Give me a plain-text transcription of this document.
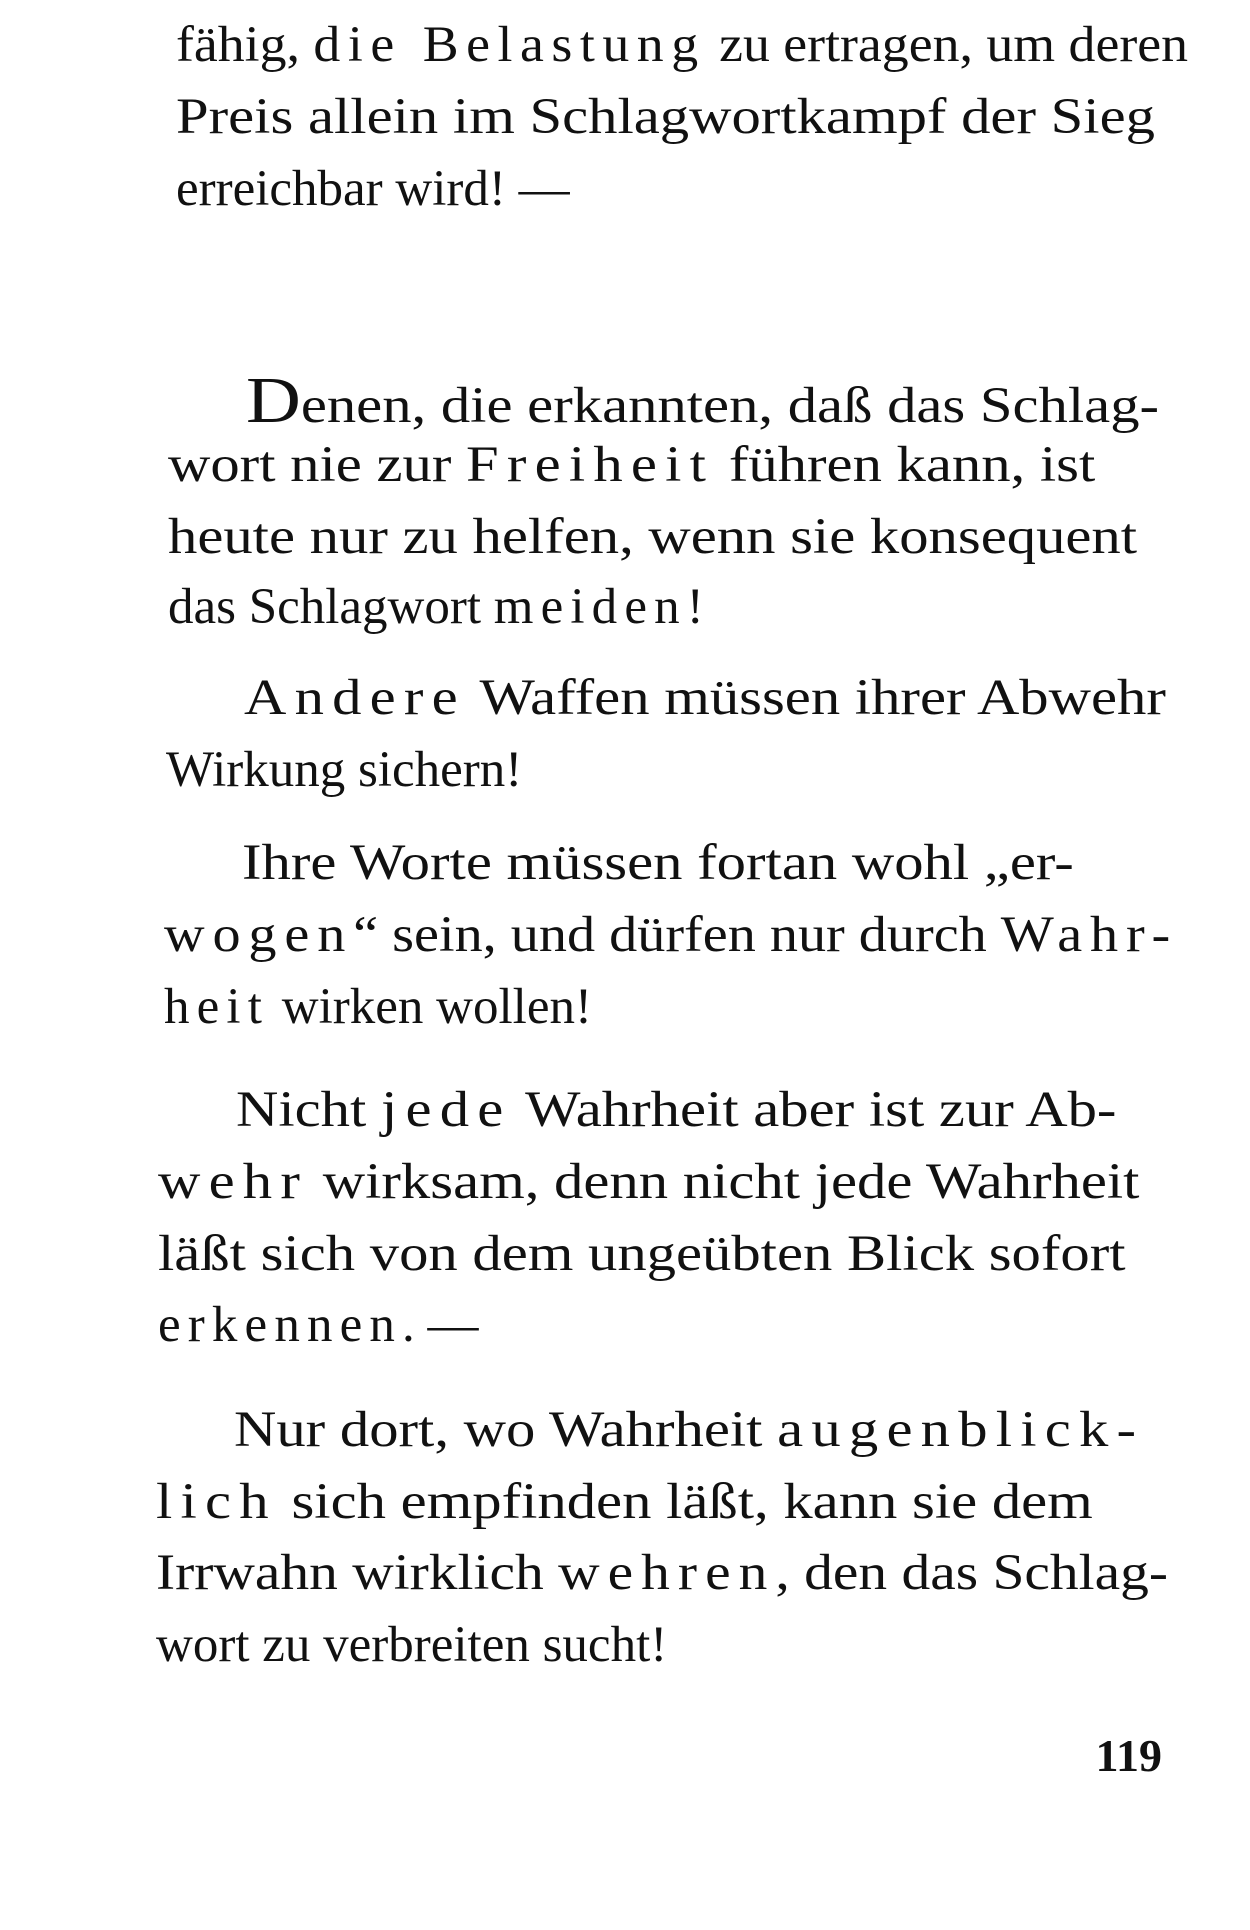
fähig, die Belastung zu ertragen, um deren
Preis allein im Schlagwortkampf der Sieg
erreichbar wird! —
Denen, die erkannten, daß das Schlag-
wort nie zur Freiheit führen kann, ist
heute nur zu helfen, wenn sie konsequent
das Schlagwort meiden!
Andere Waffen müssen ihrer Abwehr
Wirkung sichern!
Ihre Worte müssen fortan wohl „er-
wogen“ sein, und dürfen nur durch Wahr-
heit wirken wollen!
Nicht jede Wahrheit aber ist zur Ab-
wehr wirksam, denn nicht jede Wahrheit
läßt sich von dem ungeübten Blick sofort
erkennen. —
Nur dort, wo Wahrheit augenblick-
lich sich empfinden läßt, kann sie dem
Irrwahn wirklich wehren, den das Schlag-
wort zu verbreiten sucht!
119
